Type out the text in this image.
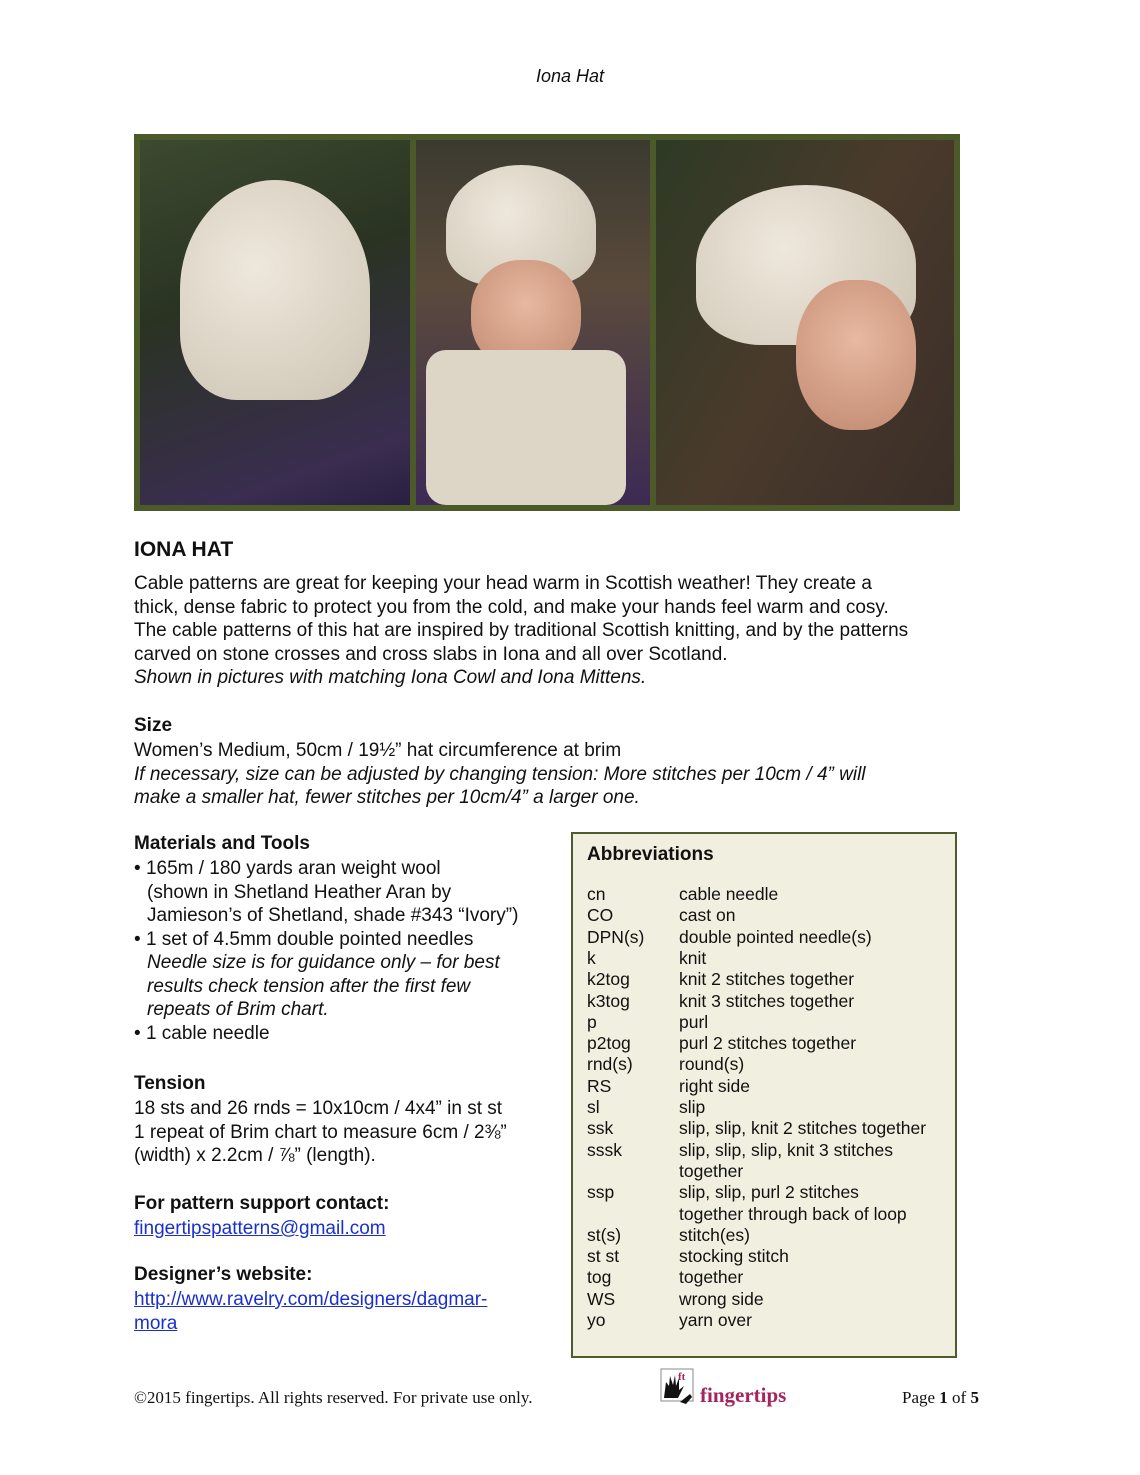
Iona Hat
IONA HAT
Cable patterns are great for keeping your head warm in Scottish weather! They create a
thick, dense fabric to protect you from the cold, and make your hands feel warm and cosy.
The cable patterns of this hat are inspired by traditional Scottish knitting, and by the patterns
carved on stone crosses and cross slabs in Iona and all over Scotland.
Shown in pictures with matching Iona Cowl and Iona Mittens.
Size
Women’s Medium, 50cm / 19½” hat circumference at brim
If necessary, size can be adjusted by changing tension: More stitches per 10cm / 4” will
make a smaller hat, fewer stitches per 10cm/4” a larger one.
Materials and Tools
• 165m / 180 yards aran weight wool
(shown in Shetland Heather Aran by
Jamieson’s of Shetland, shade #343 “Ivory”)
• 1 set of 4.5mm double pointed needles
Needle size is for guidance only – for best
results check tension after the first few
repeats of Brim chart.
• 1 cable needle
Tension
18 sts and 26 rnds = 10x10cm / 4x4” in st st
1 repeat of Brim chart to measure 6cm / 2⅜”
(width) x 2.2cm / ⅞” (length).
For pattern support contact:
fingertipspatterns@gmail.com
Designer’s website:
http://www.ravelry.com/designers/dagmar-
mora
Abbreviations
cn	cable needle
CO	cast on
DPN(s)	double pointed needle(s)
k	knit
k2tog	knit 2 stitches together
k3tog	knit 3 stitches together
p	purl
p2tog	purl 2 stitches together
rnd(s)	round(s)
RS	right side
sl	slip
ssk	slip, slip, knit 2 stitches together
sssk	slip, slip, slip, knit 3 stitches
together
ssp	slip, slip, purl 2 stitches
together through back of loop
st(s)	stitch(es)
st st	stocking stitch
tog	together
WS	wrong side
yo	yarn over
©2015 fingertips. All rights reserved. For private use only.
ft
fingertips	Page 1 of 5
